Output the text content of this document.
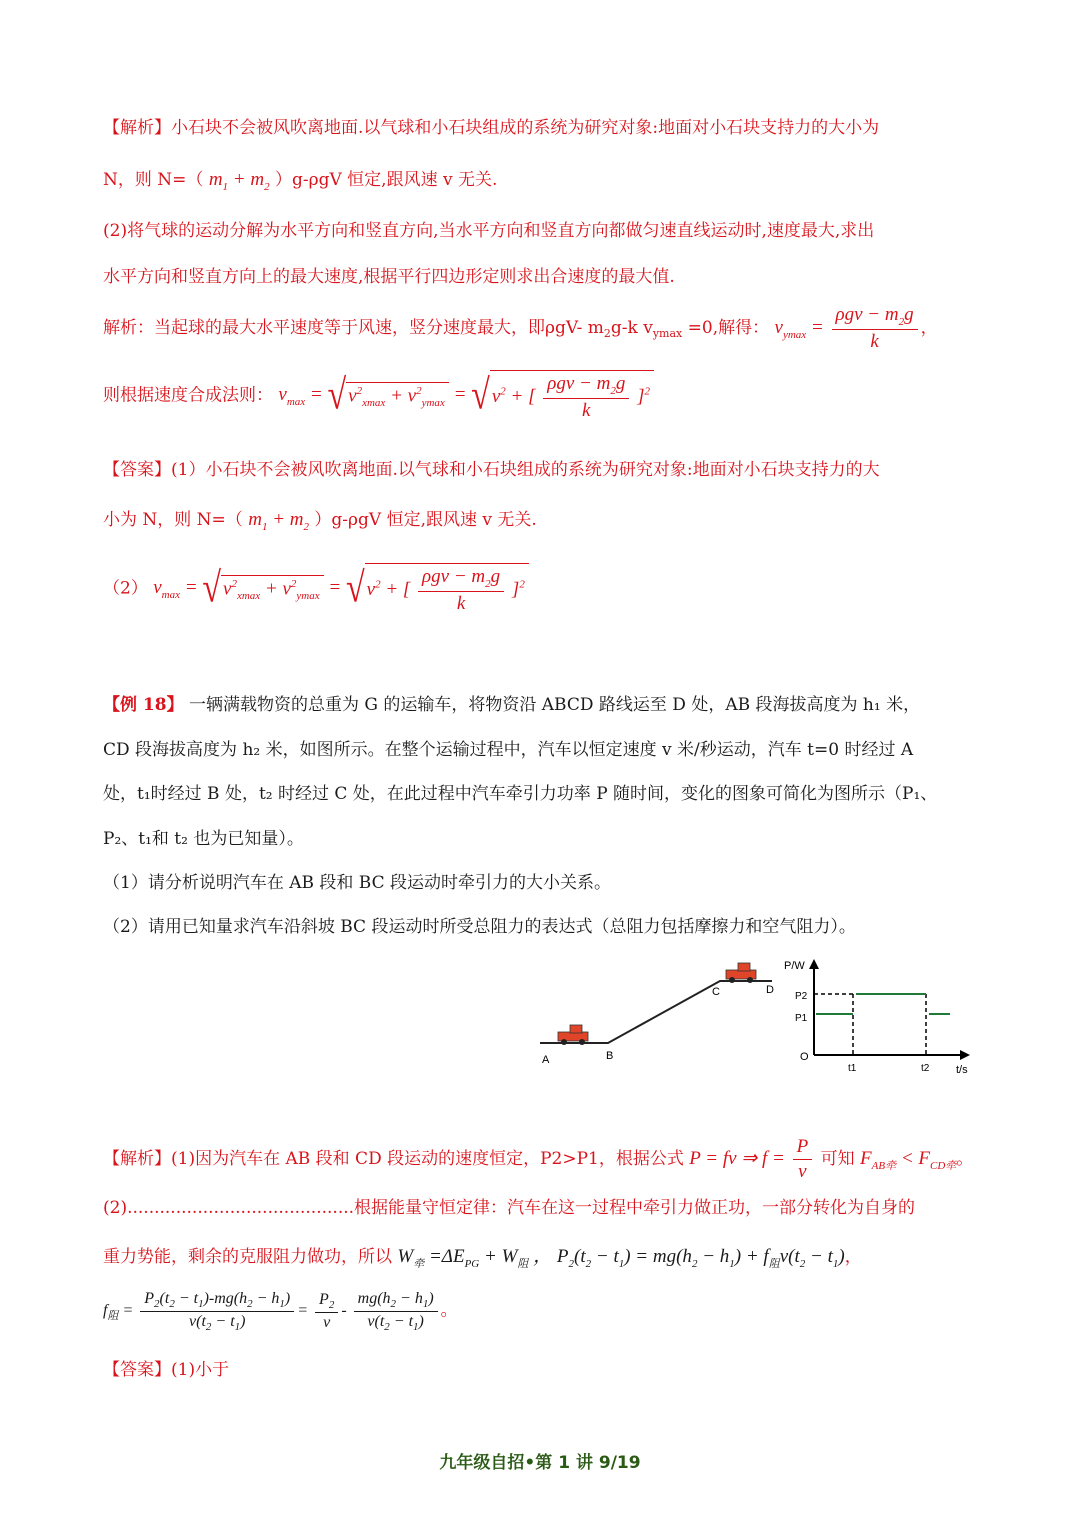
【解析】小石块不会被风吹离地面.以气球和小石块组成的系统为研究对象:地面对小石块支持力的大小为
N，则 N=（ $m_1 + m_2$ ）g-ρgV 恒定,跟风速 v 无关.
(2)将气球的运动分解为水平方向和竖直方向,当水平方向和竖直方向都做匀速直线运动时,速度最大,求出
水平方向和竖直方向上的最大速度,根据平行四边形定则求出合速度的最大值.
解析：当起球的最大水平速度等于风速，竖分速度最大，即ρgV- $m_2g-k$ $v_{ymax} =0$,解得： $v_{ymax} = \frac{\rho gv - m_2g}{k}$ ，
则根据速度合成法则： $v_{max}$ = √ $v^2_{xmax} + v^2_{ymax}$ = √ $v^2$ + [ $\frac{\rho gv - m_2g}{k} ]^2$
【答案】(1）小石块不会被风吹离地面.以气球和小石块组成的系统为研究对象:地面对小石块支持力的大
小为 N，则 N=（ $m_1 + m_2$ ）g-ρgV 恒定,跟风速 v 无关.
（2） $v_{max}$ = √ $v^2_{xmax} + v^2_{ymax}$ = √ $v^2$ + [ $\frac{\rho gv - m_2g}{k} ]^2$
【例 18】 一辆满载物资的总重为 G 的运输车，将物资沿 ABCD 路线运至 D 处，AB 段海拔高度为 h₁ 米，
CD 段海拔高度为 h₂ 米，如图所示。在整个运输过程中，汽车以恒定速度 v 米/秒运动，汽车 t=0 时经过 A
处，t₁时经过 B 处，t₂ 时经过 C 处，在此过程中汽车牵引力功率 P 随时间，变化的图象可简化为图所示（P₁、
P₂、t₁和 t₂ 也为已知量）。
（1）请分析说明汽车在 AB 段和 BC 段运动时牵引力的大小关系。
（2）请用已知量求汽车沿斜坡 BC 段运动时所受总阻力的表达式（总阻力包括摩擦力和空气阻力）。
A	B
C	D
P/W
t/s
O
P2
P1
t1	t2
【解析】(1)因为汽车在 AB 段和 CD 段运动的速度恒定，P2>P1，根据公式 P = fv ⇒ $f = \frac{P}{v}$ 可知 $F_{AB牵} < F_{CD牵}$。
(2)..........................................根据能量守恒定律：汽车在这一过程中牵引力做正功，一部分转化为自身的
重力势能，剩余的克服阻力做功，所以 $W_牵 =\Delta E_{PG} + W_阻$ ， $P_2(t_2 - t_1) = mg(h_2 - h_1) + f_阻v(t_2 - t_1)$，
$f_阻 = \frac{P_2(t_2 - t_1)-mg(h_2 - h_1)}{v(t_2 - t_1)} = \frac{P_2}{v} - \frac{mg(h_2 - h_1)}{v(t_2 - t_1)}$ 。
【答案】(1)小于
九年级自招•第 1 讲 9/19
